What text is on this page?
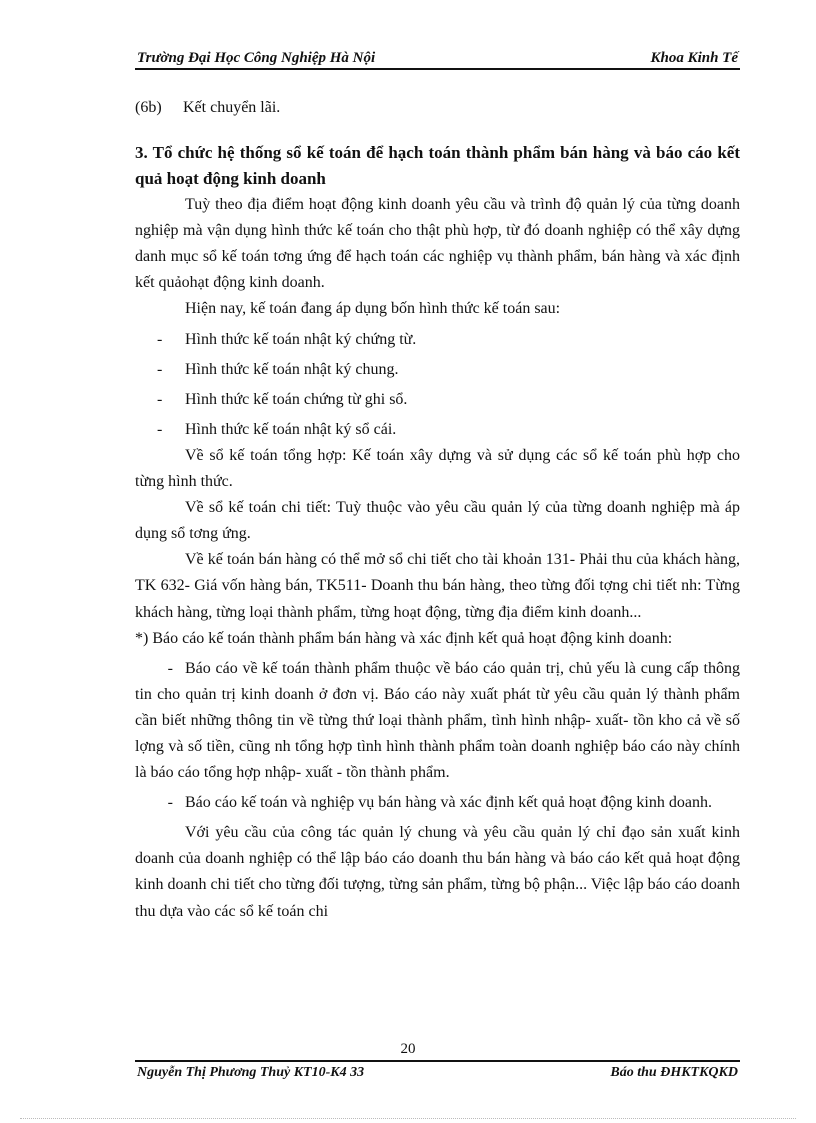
Trường Đại Học Công Nghiệp Hà Nội	Khoa Kinh Tế

(6b) Kết chuyển lãi.

3. Tổ chức hệ thống sổ kế toán để hạch toán thành phẩm bán hàng và báo cáo kết quả hoạt động kinh doanh

Tuỳ theo địa điểm hoạt động kinh doanh yêu cầu và trình độ quản lý của từng doanh nghiệp mà vận dụng hình thức kế toán cho thật phù hợp, từ đó doanh nghiệp có thể xây dựng danh mục sổ kế toán tơng ứng để hạch toán các nghiệp vụ thành phẩm, bán hàng và xác định kết quảohạt động kinh doanh.

Hiện nay, kế toán đang áp dụng bốn hình thức kế toán sau:

- Hình thức kế toán nhật ký chứng từ.

- Hình thức kế toán nhật ký chung.

- Hình thức kế toán chứng từ ghi sổ.

- Hình thức kế toán nhật ký sổ cái.

Về sổ kế toán tổng hợp: Kế toán xây dựng và sử dụng các sổ kế toán phù hợp cho từng hình thức.

Về sổ kế toán chi tiết: Tuỳ thuộc vào yêu cầu quản lý của từng doanh nghiệp mà áp dụng sổ tơng ứng.

Về kế toán bán hàng có thể mở sổ chi tiết cho tài khoản 131- Phải thu của khách hàng, TK 632- Giá vốn hàng bán, TK511- Doanh thu bán hàng, theo từng đối tợng chi tiết nh: Từng khách hàng, từng loại thành phẩm, từng hoạt động, từng địa điểm kinh doanh...

*) Báo cáo kế toán thành phẩm bán hàng và xác định kết quả hoạt động kinh doanh:

- Báo cáo về kế toán thành phẩm thuộc về báo cáo quản trị, chủ yếu là cung cấp thông tin cho quản trị kinh doanh ở đơn vị. Báo cáo này xuất phát từ yêu cầu quản lý thành phẩm cần biết những thông tin về từng thứ loại thành phẩm, tình hình nhập- xuất- tồn kho cả về số lợng và số tiền, cũng nh tổng hợp tình hình thành phẩm toàn doanh nghiệp báo cáo này chính là báo cáo tổng hợp nhập- xuất - tồn thành phẩm.

- Báo cáo kế toán và nghiệp vụ bán hàng và xác định kết quả hoạt động kinh doanh.

Với yêu cầu của công tác quản lý chung và yêu cầu quản lý chỉ đạo sản xuất kinh doanh của doanh nghiệp có thể lập báo cáo doanh thu bán hàng và báo cáo kết quả hoạt động kinh doanh chi tiết cho từng đối tượng, từng sản phẩm, từng bộ phận... Việc lập báo cáo doanh thu dựa vào các sổ kế toán chi

20
Nguyễn Thị Phương Thuỷ KT10-K4 33	Báo thu ĐHKTKQKD
